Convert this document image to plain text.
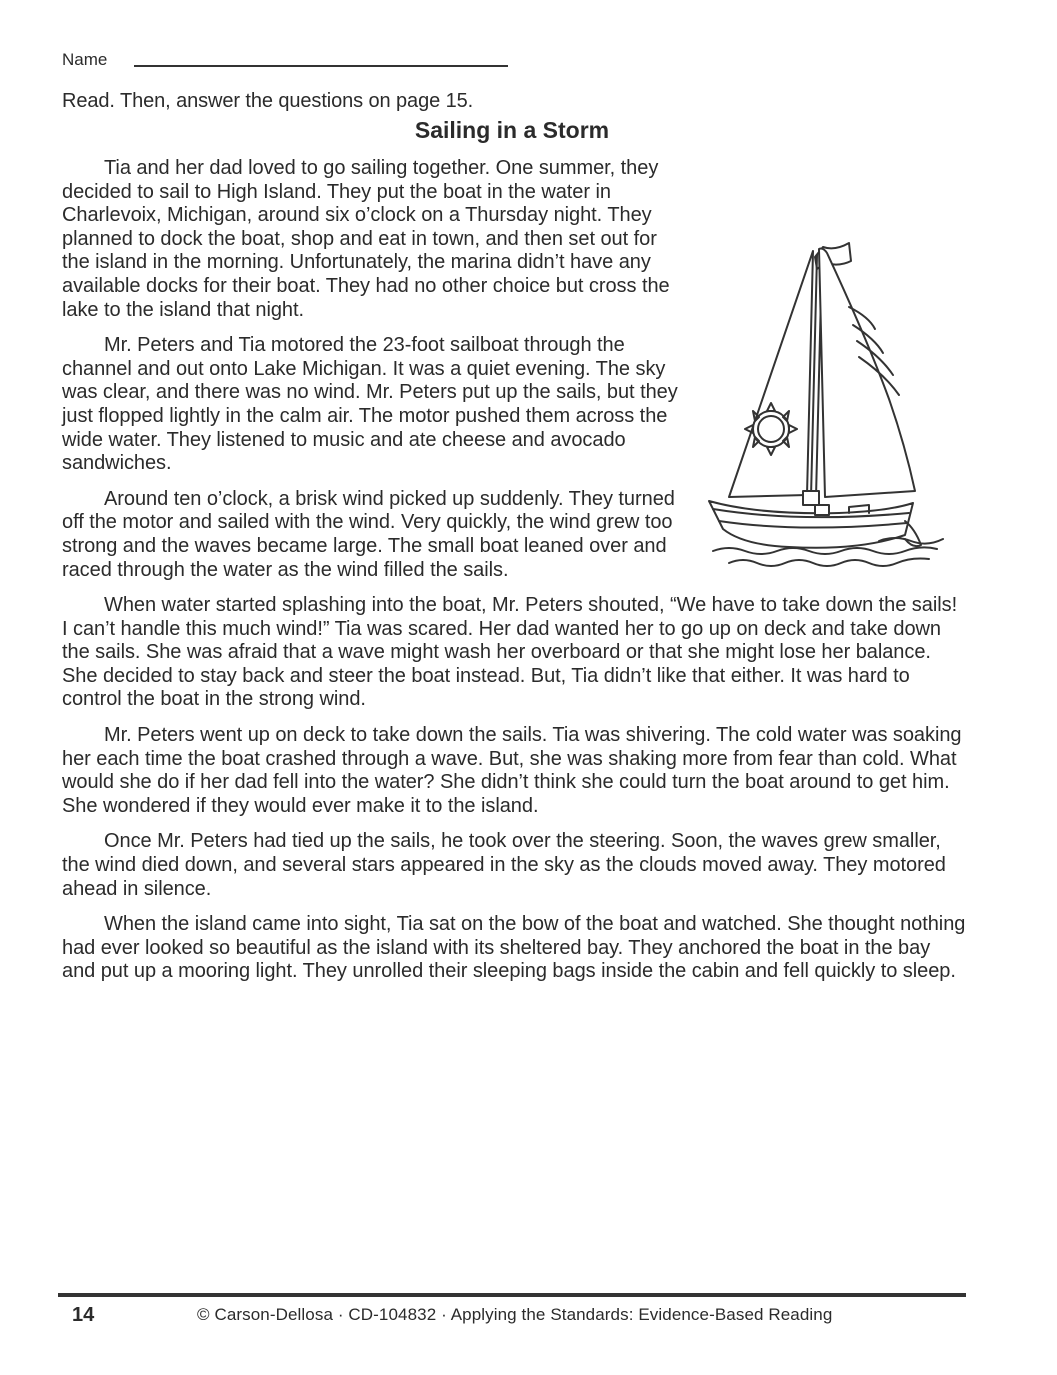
Name
Read. Then, answer the questions on page 15.
Sailing in a Storm

Tia and her dad loved to go sailing together. One summer, they decided to sail to High Island. They put the boat in the water in Charlevoix, Michigan, around six o’clock on a Thursday night. They planned to dock the boat, shop and eat in town, and then set out for the island in the morning. Unfortunately, the marina didn’t have any available docks for their boat. They had no other choice but cross the lake to the island that night.

Mr. Peters and Tia motored the 23-foot sailboat through the channel and out onto Lake Michigan. It was a quiet evening. The sky was clear, and there was no wind. Mr. Peters put up the sails, but they just flopped lightly in the calm air. The motor pushed them across the wide water. They listened to music and ate cheese and avocado sandwiches.

Around ten o’clock, a brisk wind picked up suddenly. They turned off the motor and sailed with the wind. Very quickly, the wind grew too strong and the waves became large. The small boat leaned over and raced through the water as the wind filled the sails.

When water started splashing into the boat, Mr. Peters shouted, “We have to take down the sails! I can’t handle this much wind!” Tia was scared. Her dad wanted her to go up on deck and take down the sails. She was afraid that a wave might wash her overboard or that she might lose her balance. She decided to stay back and steer the boat instead. But, Tia didn’t like that either. It was hard to control the boat in the strong wind.

Mr. Peters went up on deck to take down the sails. Tia was shivering. The cold water was soaking her each time the boat crashed through a wave. But, she was shaking more from fear than cold. What would she do if her dad fell into the water? She didn’t think she could turn the boat around to get him. She wondered if they would ever make it to the island.

Once Mr. Peters had tied up the sails, he took over the steering. Soon, the waves grew smaller, the wind died down, and several stars appeared in the sky as the clouds moved away. They motored ahead in silence.

When the island came into sight, Tia sat on the bow of the boat and watched. She thought nothing had ever looked so beautiful as the island with its sheltered bay. They anchored the boat in the bay and put up a mooring light. They unrolled their sleeping bags inside the cabin and fell quickly to sleep.

14	© Carson-Dellosa · CD-104832 · Applying the Standards: Evidence-Based Reading
